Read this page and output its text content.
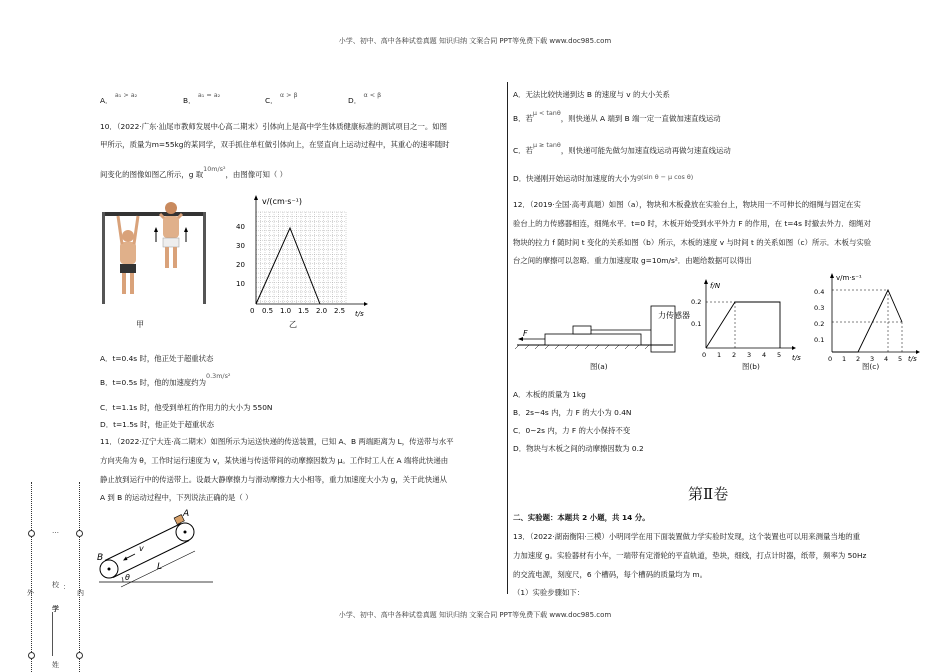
小学、初中、高中各种试卷真题 知识归纳 文案合同 PPT等免费下载 www.doc985.com
外	内
校 ：
学
姓
…
A． a₁ > a₂
B． a₁ = a₂
C． α > β
D． α < β
10．（2022·广东·汕尾市教师发展中心高二期末）引体向上是高中学生体质健康标准的测试项目之一。如图
甲所示，质量为m=55kg的某同学，双手抓住单杠做引体向上，在竖直向上运动过程中，其重心的速率随时
间变化的图像如图乙所示，g 取10m/s²，由图像可知（ ）
甲
v/(cm·s⁻¹)
t/s
40
30
20
10
0 0.5 1.0 1.5 2.0 2.5
乙
A．t=0.4s 时，他正处于超重状态
B．t=0.5s 时，他的加速度约为0.3m/s²
C．t=1.1s 时，他受到单杠的作用力的大小为 550N
D．t=1.5s 时，他正处于超重状态
11．（2022·辽宁大连·高二期末）如图所示为运送快递的传送装置，已知 A、B 两端距离为 L，传送带与水平
方向夹角为 θ，工作时运行速度为 v，某快递与传送带间的动摩擦因数为 μ。工作时工人在 A 端将此快递由
静止放到运行中的传送带上。设最大静摩擦力与滑动摩擦力大小相等，重力加速度大小为 g，关于此快递从
A 到 B 的运动过程中，下列说法正确的是（ ）
A
B
v
L
θ
A．无法比较快递到达 B 的速度与 v 的大小关系
B．若μ < tanθ，则快递从 A 端到 B 端一定一直做加速直线运动
C．若μ ≥ tanθ，则快递可能先做匀加速直线运动再做匀速直线运动
D．快递刚开始运动时加速度的大小为g(sin θ − μ cos θ)
12．（2019·全国·高考真题）如图（a），物块和木板叠放在实验台上，物块用一不可伸长的细绳与固定在实
验台上的力传感器相连，细绳水平．t=0 时，木板开始受到水平外力 F 的作用，在 t=4s 时撤去外力．细绳对
物块的拉力 f 随时间 t 变化的关系如图（b）所示，木板的速度 v 与时间 t 的关系如图（c）所示．木板与实验
台之间的摩擦可以忽略．重力加速度取 g=10m/s²．由题给数据可以得出
力传感器
F
图(a)
f/N
t/s
0.2
0.1
0 1 2 3 4 5
图(b)
v/m·s⁻¹
t/s
0.4
0.3
0.2
0.1
0 1 2 3 4 5
图(c)
A．木板的质量为 1kg
B．2s~4s 内，力 F 的大小为 0.4N
C．0~2s 内，力 F 的大小保持不变
D．物块与木板之间的动摩擦因数为 0.2
第Ⅱ卷
二、实验题：本题共 2 小题，共 14 分。
13．（2022·湖南衡阳·三模）小明同学在用下面装置做力学实验时发现，这个装置也可以用来测量当地的重
力加速度 g。实验器材有小车，一端带有定滑轮的平直轨道，垫块，细线，打点计时器，纸带，频率为 50Hz
的交流电源，刻度尺，6 个槽码，每个槽码的质量均为 m。
（1）实验步骤如下：
小学、初中、高中各种试卷真题 知识归纳 文案合同 PPT等免费下载 www.doc985.com
